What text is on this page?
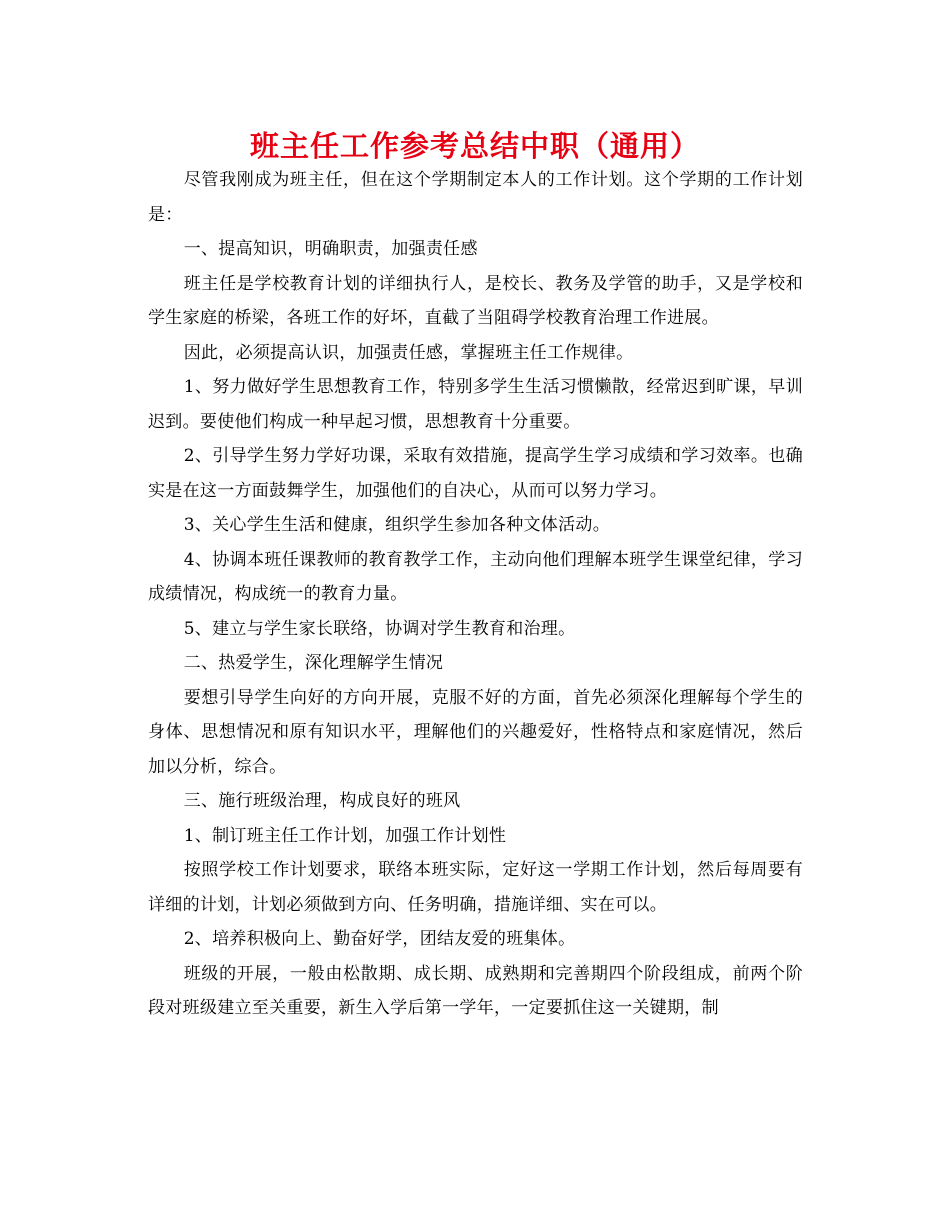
班主任工作参考总结中职（通用）

尽管我刚成为班主任，但在这个学期制定本人的工作计划。这个学期的工作计划是：

一、提高知识，明确职责，加强责任感

班主任是学校教育计划的详细执行人，是校长、教务及学管的助手，又是学校和学生家庭的桥梁，各班工作的好坏，直截了当阻碍学校教育治理工作进展。

因此，必须提高认识，加强责任感，掌握班主任工作规律。

1、努力做好学生思想教育工作，特别多学生生活习惯懒散，经常迟到旷课，早训迟到。要使他们构成一种早起习惯，思想教育十分重要。

2、引导学生努力学好功课，采取有效措施，提高学生学习成绩和学习效率。也确实是在这一方面鼓舞学生，加强他们的自决心，从而可以努力学习。

3、关心学生生活和健康，组织学生参加各种文体活动。

4、协调本班任课教师的教育教学工作，主动向他们理解本班学生课堂纪律，学习成绩情况，构成统一的教育力量。

5、建立与学生家长联络，协调对学生教育和治理。

二、热爱学生，深化理解学生情况

要想引导学生向好的方向开展，克服不好的方面，首先必须深化理解每个学生的身体、思想情况和原有知识水平，理解他们的兴趣爱好，性格特点和家庭情况，然后加以分析，综合。

三、施行班级治理，构成良好的班风

1、制订班主任工作计划，加强工作计划性

按照学校工作计划要求，联络本班实际，定好这一学期工作计划，然后每周要有详细的计划，计划必须做到方向、任务明确，措施详细、实在可以。

2、培养积极向上、勤奋好学，团结友爱的班集体。

班级的开展，一般由松散期、成长期、成熟期和完善期四个阶段组成，前两个阶段对班级建立至关重要，新生入学后第一学年，一定要抓住这一关键期，制
